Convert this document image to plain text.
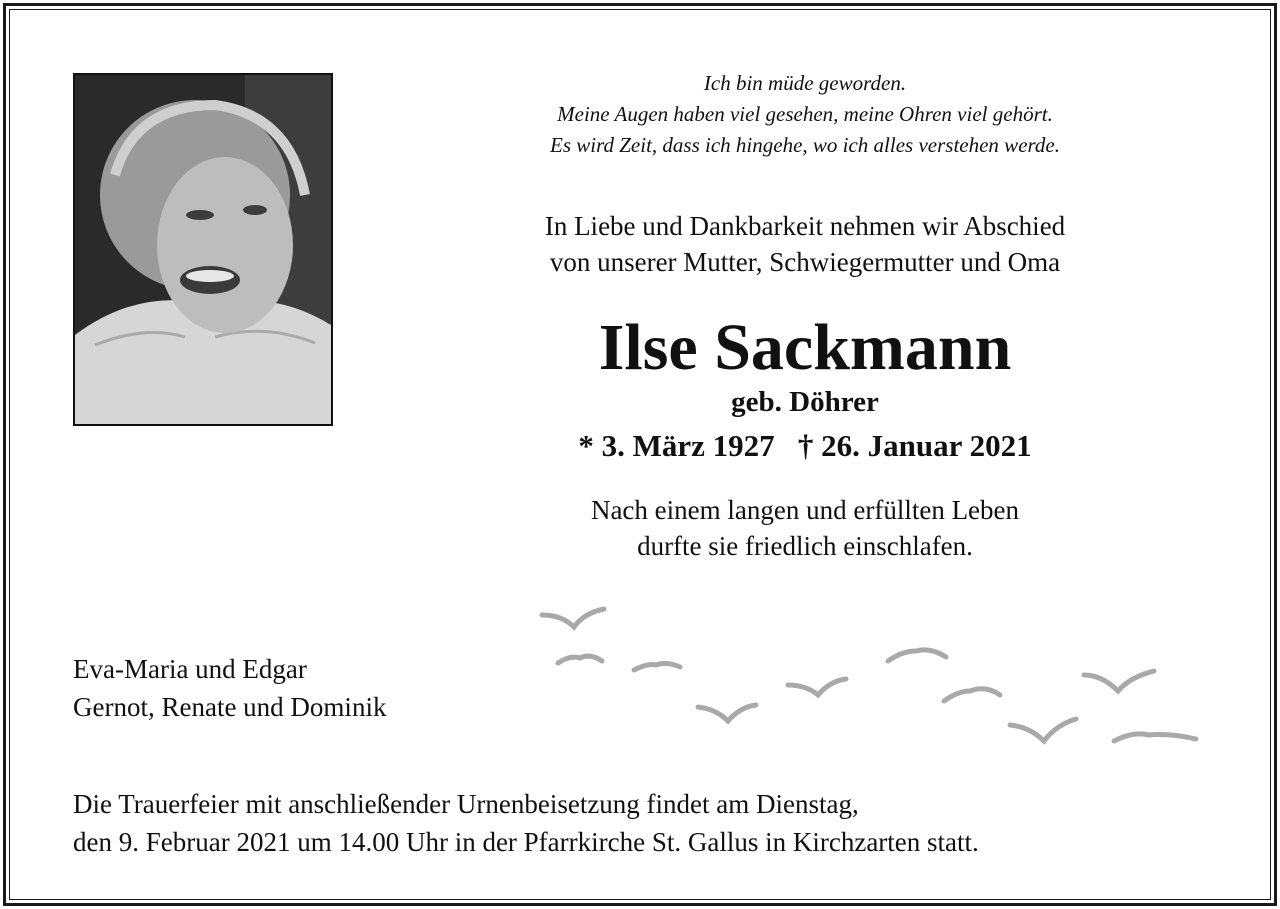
Ich bin müde geworden.
Meine Augen haben viel gesehen, meine Ohren viel gehört.
Es wird Zeit, dass ich hingehe, wo ich alles verstehen werde.
In Liebe und Dankbarkeit nehmen wir Abschied
von unserer Mutter, Schwiegermutter und Oma
Ilse Sackmann
geb. Döhrer
* 3. März 1927   † 26. Januar 2021
Nach einem langen und erfüllten Leben
durfte sie friedlich einschlafen.
Eva-Maria und Edgar
Gernot, Renate und Dominik
Die Trauerfeier mit anschließender Urnenbeisetzung findet am Dienstag,
den 9. Februar 2021 um 14.00 Uhr in der Pfarrkirche St. Gallus in Kirchzarten statt.
